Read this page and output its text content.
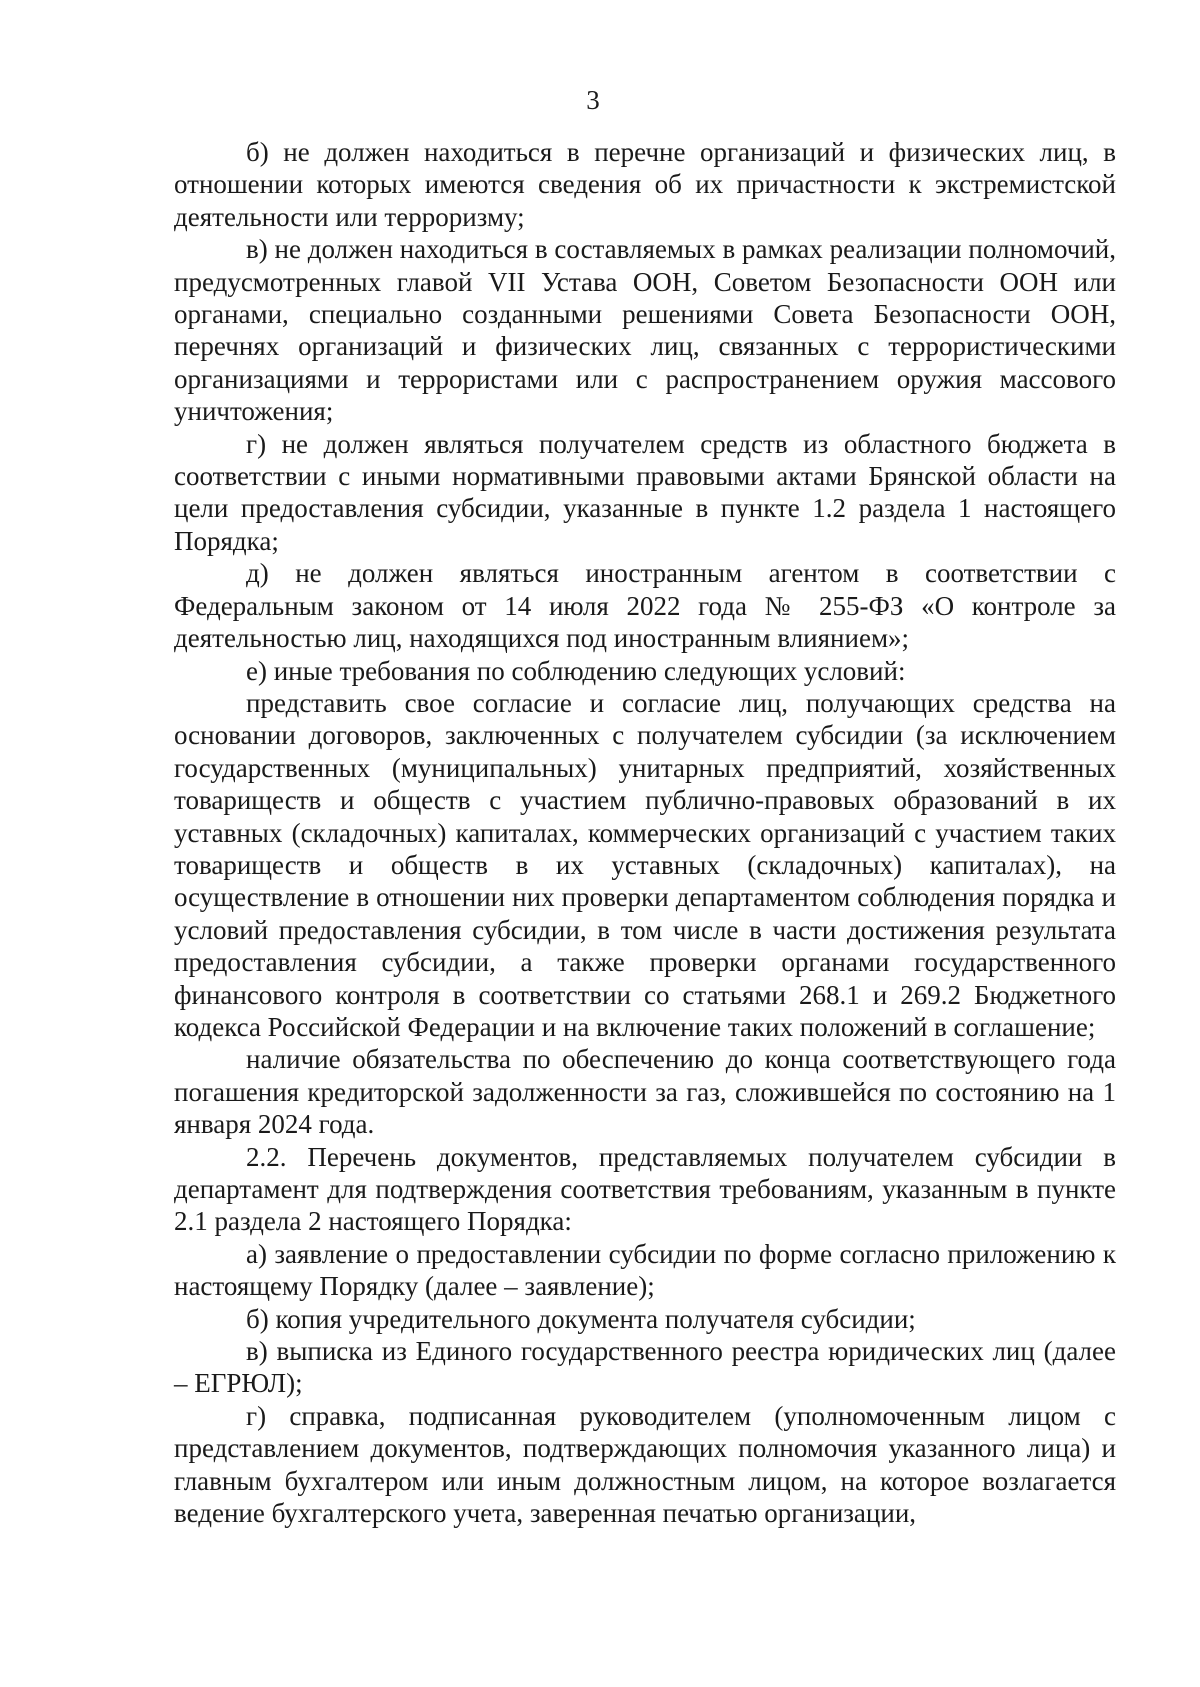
3

б) не должен находиться в перечне организаций и физических лиц, в отношении которых имеются сведения об их причастности к экстремистской деятельности или терроризму;

в) не должен находиться в составляемых в рамках реализации полномочий, предусмотренных главой VII Устава ООН, Советом Безопасности ООН или органами, специально созданными решениями Совета Безопасности ООН, перечнях организаций и физических лиц, связанных с террористическими организациями и террористами или с распространением оружия массового уничтожения;

г) не должен являться получателем средств из областного бюджета в соответствии с иными нормативными правовыми актами Брянской области на цели предоставления субсидии, указанные в пункте 1.2 раздела 1 настоящего Порядка;

д) не должен являться иностранным агентом в соответствии с Федеральным законом от 14 июля 2022 года № 255-ФЗ «О контроле за деятельностью лиц, находящихся под иностранным влиянием»;

е) иные требования по соблюдению следующих условий:

представить свое согласие и согласие лиц, получающих средства на основании договоров, заключенных с получателем субсидии (за исключением государственных (муниципальных) унитарных предприятий, хозяйственных товариществ и обществ с участием публично-правовых образований в их уставных (складочных) капиталах, коммерческих организаций с участием таких товариществ и обществ в их уставных (складочных) капиталах), на осуществление в отношении них проверки департаментом соблюдения порядка и условий предоставления субсидии, в том числе в части достижения результата предоставления субсидии, а также проверки органами государственного финансового контроля в соответствии со статьями 268.1 и 269.2 Бюджетного кодекса Российской Федерации и на включение таких положений в соглашение;

наличие обязательства по обеспечению до конца соответствующего года погашения кредиторской задолженности за газ, сложившейся по состоянию на 1 января 2024 года.

2.2. Перечень документов, представляемых получателем субсидии в департамент для подтверждения соответствия требованиям, указанным в пункте 2.1 раздела 2 настоящего Порядка:

а) заявление о предоставлении субсидии по форме согласно приложению к настоящему Порядку (далее – заявление);

б) копия учредительного документа получателя субсидии;

в) выписка из Единого государственного реестра юридических лиц (далее – ЕГРЮЛ);

г) справка, подписанная руководителем (уполномоченным лицом с представлением документов, подтверждающих полномочия указанного лица) и главным бухгалтером или иным должностным лицом, на которое возлагается ведение бухгалтерского учета, заверенная печатью организации,
